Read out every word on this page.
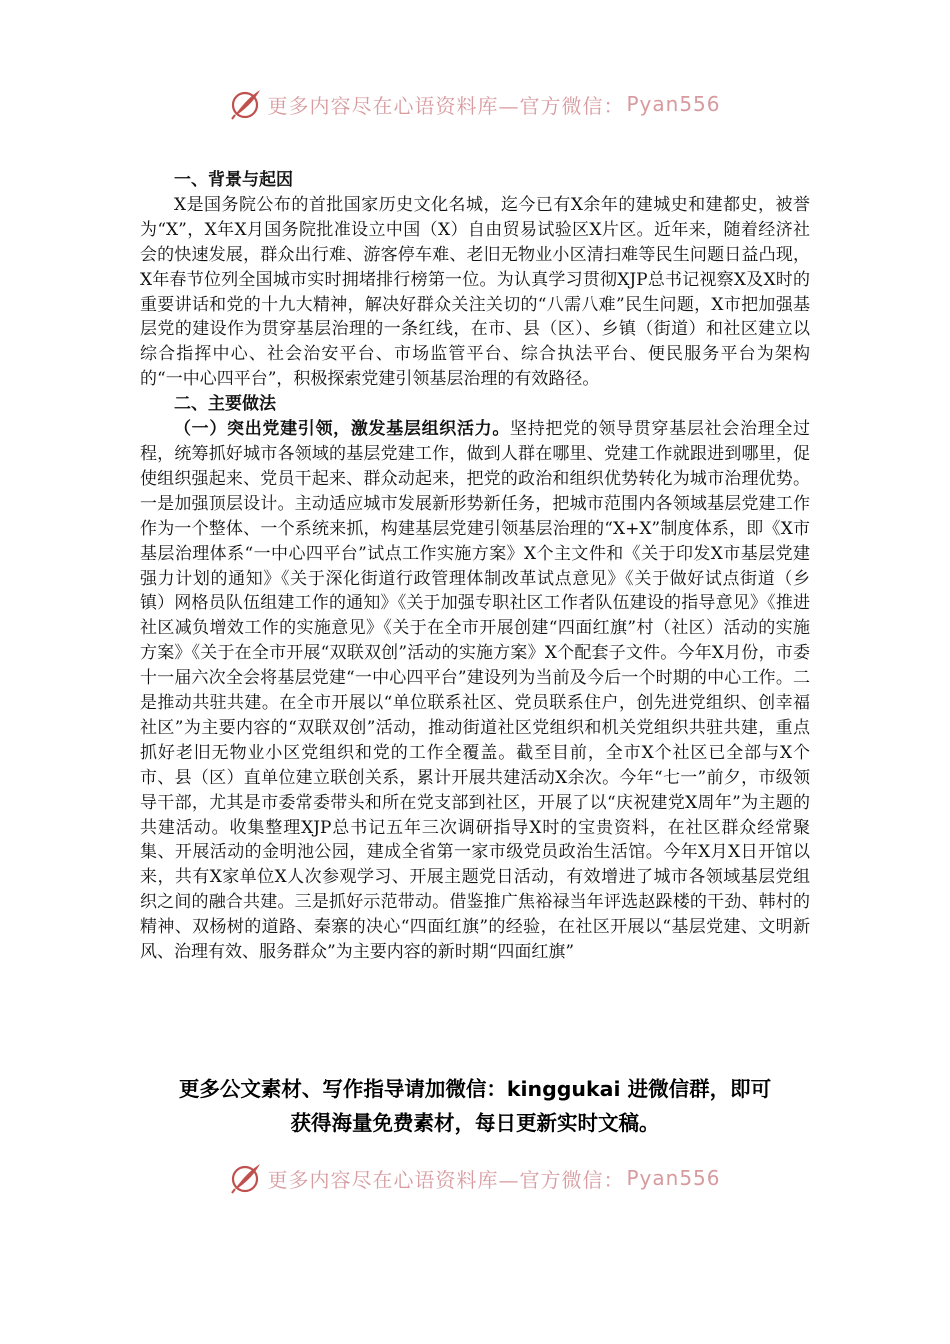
更多内容尽在心语资料库—官方微信： Pyan556
一、背景与起因

X是国务院公布的首批国家历史文化名城，迄今已有X余年的建城史和建都史，被誉为“X”，X年X月国务院批准设立中国（X）自由贸易试验区X片区。近年来，随着经济社会的快速发展，群众出行难、游客停车难、老旧无物业小区清扫难等民生问题日益凸现，X年春节位列全国城市实时拥堵排行榜第一位。为认真学习贯彻XJP总书记视察X及X时的重要讲话和党的十九大精神，解决好群众关注关切的“八需八难”民生问题，X市把加强基层党的建设作为贯穿基层治理的一条红线，在市、县（区）、乡镇（街道）和社区建立以综合指挥中心、社会治安平台、市场监管平台、综合执法平台、便民服务平台为架构的“一中心四平台”，积极探索党建引领基层治理的有效路径。

二、主要做法

（一）突出党建引领，激发基层组织活力。坚持把党的领导贯穿基层社会治理全过程，统筹抓好城市各领域的基层党建工作，做到人群在哪里、党建工作就跟进到哪里，促使组织强起来、党员干起来、群众动起来，把党的政治和组织优势转化为城市治理优势。一是加强顶层设计。主动适应城市发展新形势新任务，把城市范围内各领域基层党建工作作为一个整体、一个系统来抓，构建基层党建引领基层治理的“X+X”制度体系，即《X市基层治理体系“一中心四平台”试点工作实施方案》X个主文件和《关于印发X市基层党建强力计划的通知》《关于深化街道行政管理体制改革试点意见》《关于做好试点街道（乡镇）网格员队伍组建工作的通知》《关于加强专职社区工作者队伍建设的指导意见》《推进社区减负增效工作的实施意见》《关于在全市开展创建“四面红旗”村（社区）活动的实施方案》《关于在全市开展“双联双创”活动的实施方案》X个配套子文件。今年X月份，市委十一届六次全会将基层党建“一中心四平台”建设列为当前及今后一个时期的中心工作。二是推动共驻共建。在全市开展以“单位联系社区、党员联系住户，创先进党组织、创幸福社区”为主要内容的“双联双创”活动，推动街道社区党组织和机关党组织共驻共建，重点抓好老旧无物业小区党组织和党的工作全覆盖。截至目前，全市X个社区已全部与X个市、县（区）直单位建立联创关系，累计开展共建活动X余次。今年“七一”前夕，市级领导干部，尤其是市委常委带头和所在党支部到社区，开展了以“庆祝建党X周年”为主题的共建活动。收集整理XJP总书记五年三次调研指导X时的宝贵资料，在社区群众经常聚集、开展活动的金明池公园，建成全省第一家市级党员政治生活馆。今年X月X日开馆以来，共有X家单位X人次参观学习、开展主题党日活动，有效增进了城市各领域基层党组织之间的融合共建。三是抓好示范带动。借鉴推广焦裕禄当年评选赵跺楼的干劲、韩村的精神、双杨树的道路、秦寨的决心“四面红旗”的经验，在社区开展以“基层党建、文明新风、治理有效、服务群众”为主要内容的新时期“四面红旗”

更多公文素材、写作指导请加微信：kinggukai 进微信群，即可
获得海量免费素材，每日更新实时文稿。
更多内容尽在心语资料库—官方微信： Pyan556
